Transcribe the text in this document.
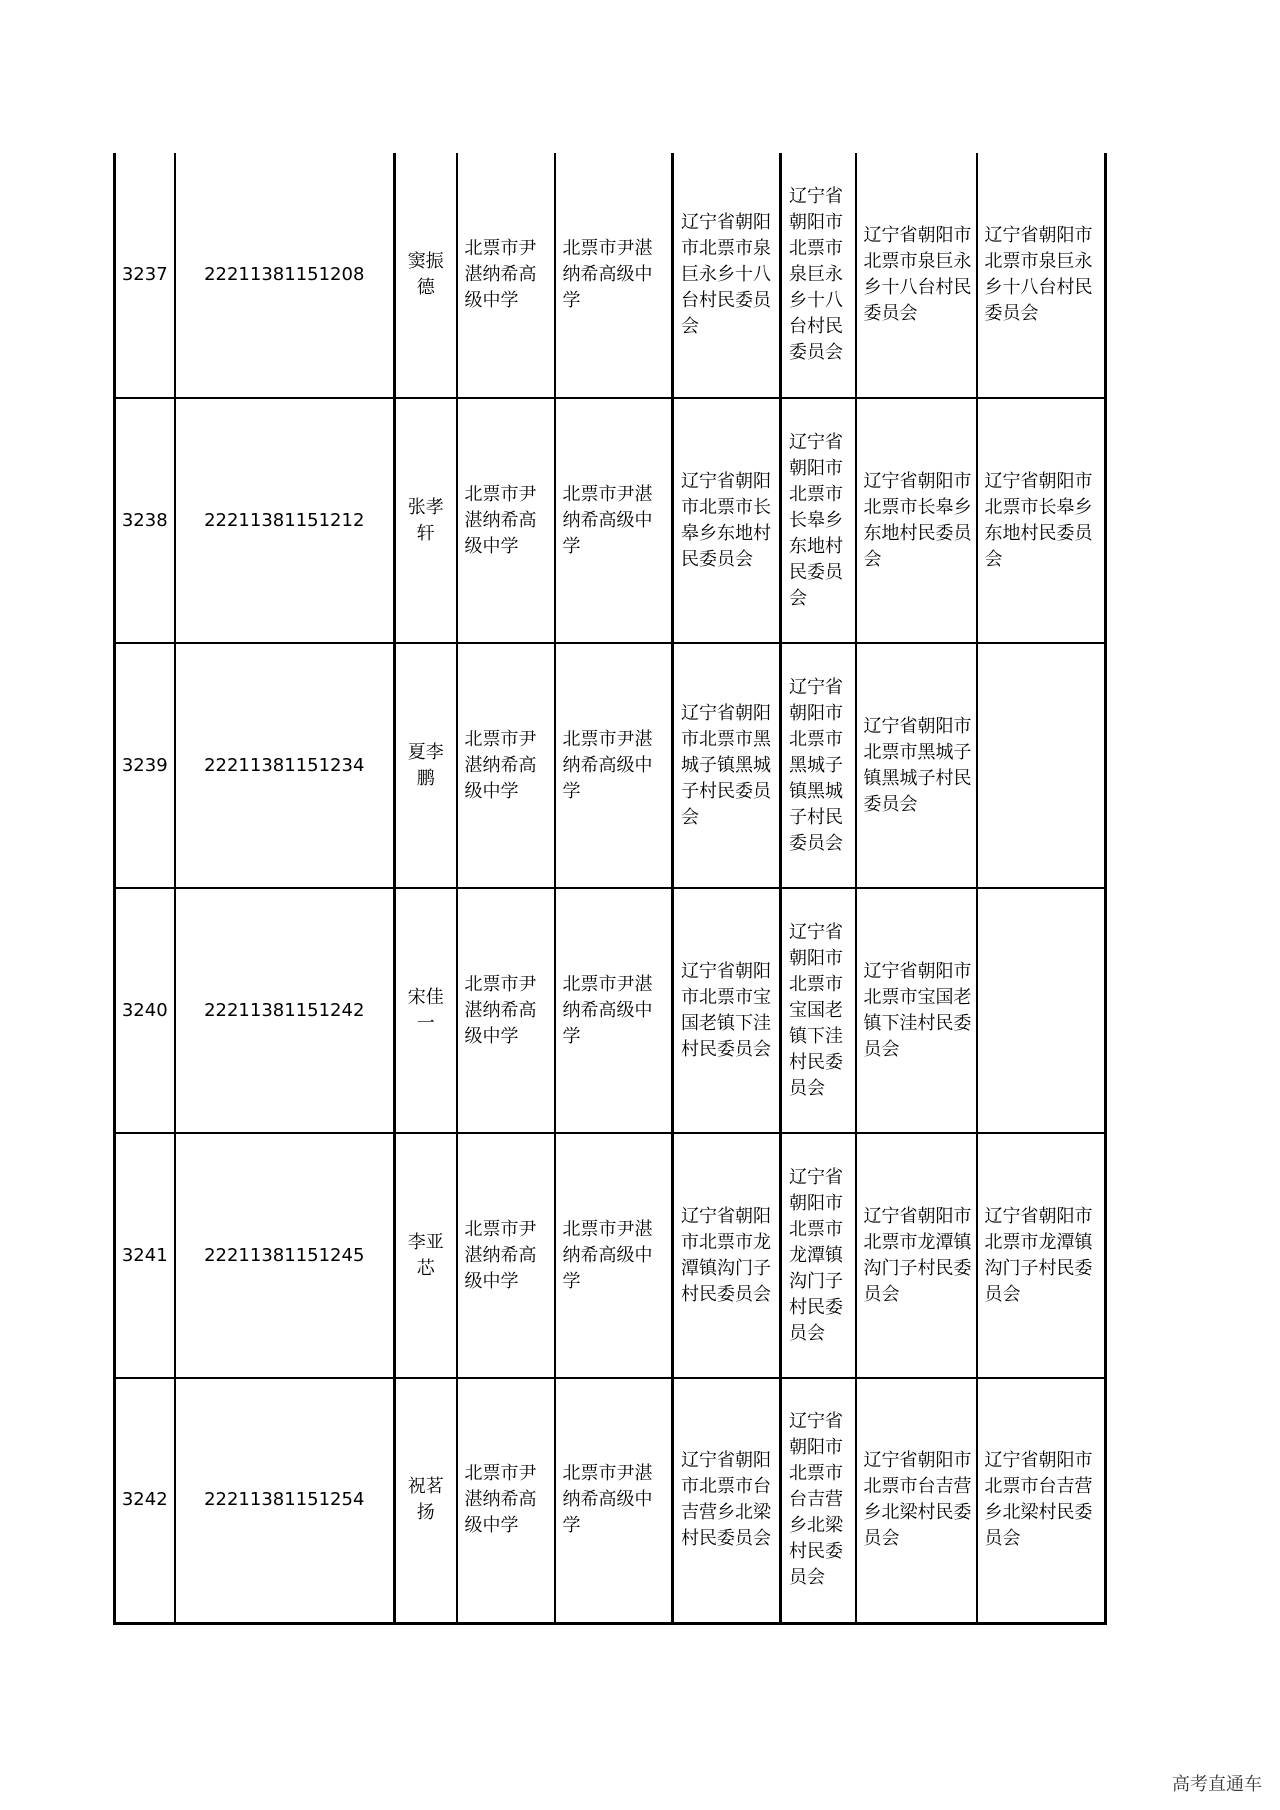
3237	22211381151208	窦振德	北票市尹湛纳希高级中学	北票市尹湛纳希高级中学	辽宁省朝阳市北票市泉巨永乡十八台村民委员会	辽宁省朝阳市北票市泉巨永乡十八台村民委员会	辽宁省朝阳市北票市泉巨永乡十八台村民委员会	辽宁省朝阳市北票市泉巨永乡十八台村民委员会
3238	22211381151212	张孝轩	北票市尹湛纳希高级中学	北票市尹湛纳希高级中学	辽宁省朝阳市北票市长皋乡东地村民委员会	辽宁省朝阳市北票市长皋乡东地村民委员会	辽宁省朝阳市北票市长皋乡东地村民委员会	辽宁省朝阳市北票市长皋乡东地村民委员会
3239	22211381151234	夏李鹏	北票市尹湛纳希高级中学	北票市尹湛纳希高级中学	辽宁省朝阳市北票市黑城子镇黑城子村民委员会	辽宁省朝阳市北票市黑城子镇黑城子村民委员会	辽宁省朝阳市北票市黑城子镇黑城子村民委员会	
3240	22211381151242	宋佳一	北票市尹湛纳希高级中学	北票市尹湛纳希高级中学	辽宁省朝阳市北票市宝国老镇下洼村民委员会	辽宁省朝阳市北票市宝国老镇下洼村民委员会	辽宁省朝阳市北票市宝国老镇下洼村民委员会	
3241	22211381151245	李亚芯	北票市尹湛纳希高级中学	北票市尹湛纳希高级中学	辽宁省朝阳市北票市龙潭镇沟门子村民委员会	辽宁省朝阳市北票市龙潭镇沟门子村民委员会	辽宁省朝阳市北票市龙潭镇沟门子村民委员会	辽宁省朝阳市北票市龙潭镇沟门子村民委员会
3242	22211381151254	祝茗扬	北票市尹湛纳希高级中学	北票市尹湛纳希高级中学	辽宁省朝阳市北票市台吉营乡北梁村民委员会	辽宁省朝阳市北票市台吉营乡北梁村民委员会	辽宁省朝阳市北票市台吉营乡北梁村民委员会	辽宁省朝阳市北票市台吉营乡北梁村民委员会
高考直通车
